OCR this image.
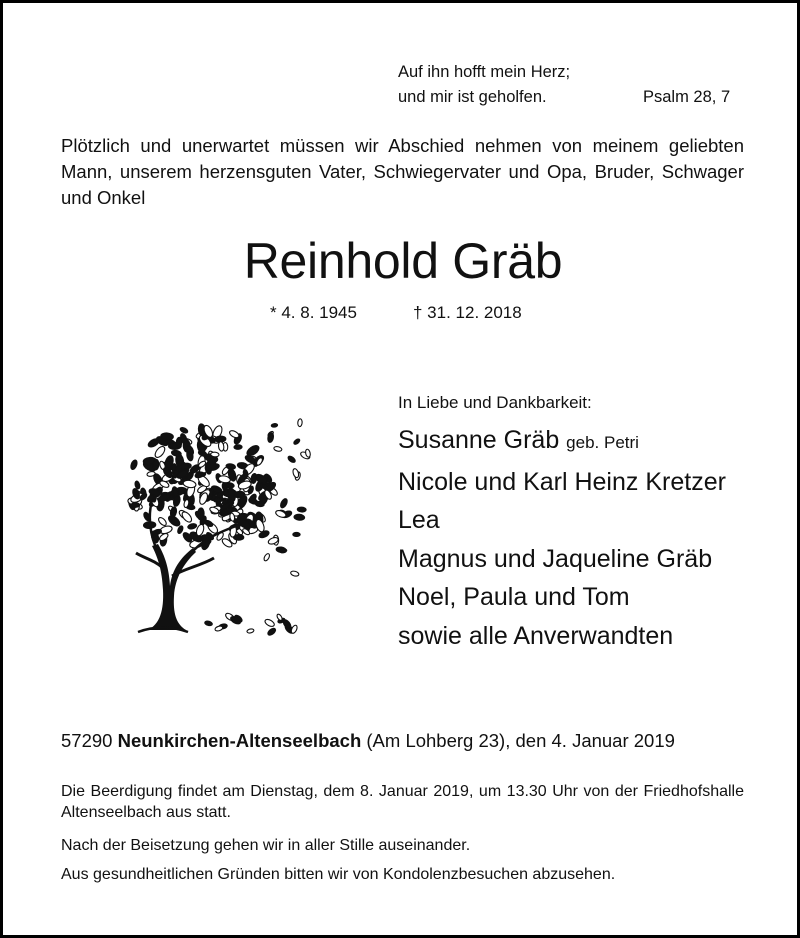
Auf ihn hofft mein Herz;
und mir ist geholfen.	Psalm 28, 7
Plötzlich und unerwartet müssen wir Abschied nehmen von meinem geliebten Mann, unserem herzensguten Vater, Schwiegervater und Opa, Bruder, Schwager und Onkel
Reinhold Gräb
* 4. 8. 1945	† 31. 12. 2018
In Liebe und Dankbarkeit:
Susanne Gräb geb. Petri
Nicole und Karl Heinz Kretzer
Lea
Magnus und Jaqueline Gräb
Noel, Paula und Tom
sowie alle Anverwandten
57290 Neunkirchen-Altenseelbach (Am Lohberg 23), den 4. Januar 2019
Die Beerdigung findet am Dienstag, dem 8. Januar 2019, um 13.30 Uhr von der Friedhofshalle Altenseelbach aus statt.
Nach der Beisetzung gehen wir in aller Stille auseinander.
Aus gesundheitlichen Gründen bitten wir von Kondolenzbesuchen abzusehen.
